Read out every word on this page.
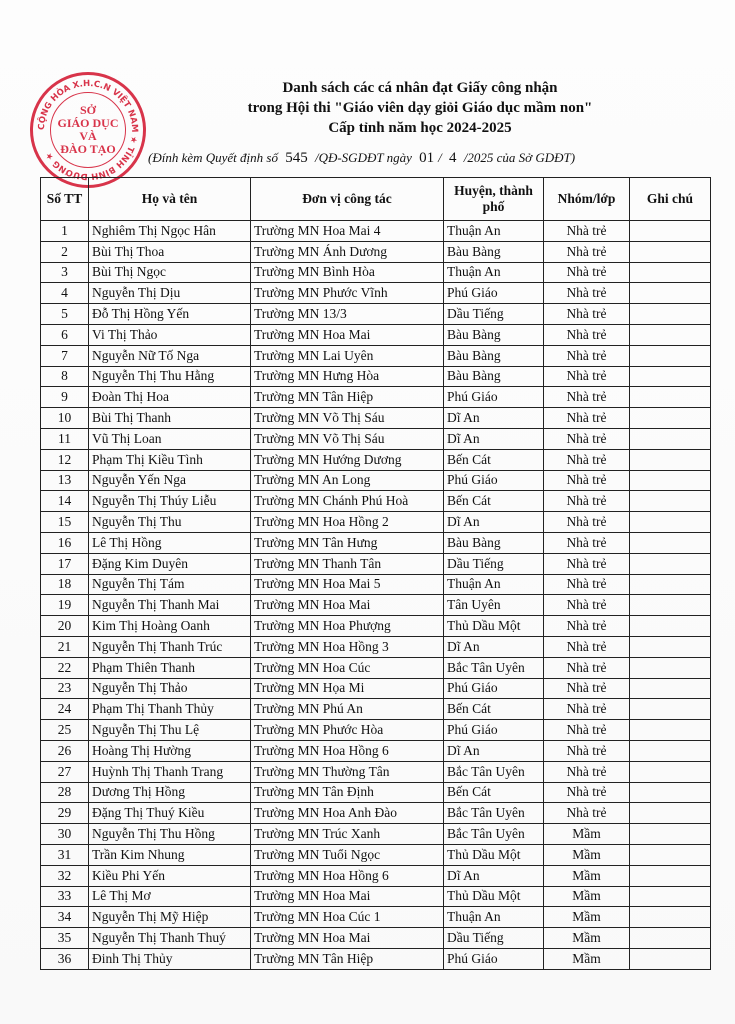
CỘNG HÒA X.H.C.N VIỆT NAM ★ TỈNH BÌNH DƯƠNG ★
SỞ
GIÁO DỤC
VÀ
ĐÀO TẠO
Danh sách các cá nhân đạt Giấy công nhận
trong Hội thi "Giáo viên dạy giỏi Giáo dục mầm non"
Cấp tỉnh năm học 2024-2025
(Đính kèm Quyết định số 545 /QĐ-SGDĐT ngày 01 / 4 /2025 của Sở GDĐT)
Số TT	Họ và tên	Đơn vị công tác	Huyện, thành phố	Nhóm/lớp	Ghi chú
1	Nghiêm Thị Ngọc Hân	Trường MN Hoa Mai 4	Thuận An	Nhà trẻ	
2	Bùi Thị Thoa	Trường MN Ánh Dương	Bàu Bàng	Nhà trẻ	
3	Bùi Thị Ngọc	Trường MN Bình Hòa	Thuận An	Nhà trẻ	
4	Nguyễn Thị Dịu	Trường MN Phước Vĩnh	Phú Giáo	Nhà trẻ	
5	Đỗ Thị Hồng Yến	Trường MN 13/3	Dầu Tiếng	Nhà trẻ	
6	Vi Thị Thảo	Trường MN Hoa Mai	Bàu Bàng	Nhà trẻ	
7	Nguyễn Nữ Tố Nga	Trường MN Lai Uyên	Bàu Bàng	Nhà trẻ	
8	Nguyễn Thị Thu Hằng	Trường MN Hưng Hòa	Bàu Bàng	Nhà trẻ	
9	Đoàn Thị Hoa	Trường MN Tân Hiệp	Phú Giáo	Nhà trẻ	
10	Bùi Thị Thanh	Trường MN Võ Thị Sáu	Dĩ An	Nhà trẻ	
11	Vũ Thị Loan	Trường MN Võ Thị Sáu	Dĩ An	Nhà trẻ	
12	Phạm Thị Kiều Tình	Trường MN Hướng Dương	Bến Cát	Nhà trẻ	
13	Nguyễn Yến Nga	Trường MN An Long	Phú Giáo	Nhà trẻ	
14	Nguyễn Thị Thúy Liễu	Trường MN Chánh Phú Hoà	Bến Cát	Nhà trẻ	
15	Nguyễn Thị Thu	Trường MN Hoa Hồng 2	Dĩ An	Nhà trẻ	
16	Lê Thị Hồng	Trường MN Tân Hưng	Bàu Bàng	Nhà trẻ	
17	Đặng Kim Duyên	Trường MN Thanh Tân	Dầu Tiếng	Nhà trẻ	
18	Nguyễn Thị Tám	Trường MN Hoa Mai 5	Thuận An	Nhà trẻ	
19	Nguyễn Thị Thanh Mai	Trường MN Hoa Mai	Tân Uyên	Nhà trẻ	
20	Kim Thị Hoàng Oanh	Trường MN Hoa Phượng	Thủ Dầu Một	Nhà trẻ	
21	Nguyễn Thị Thanh Trúc	Trường MN Hoa Hồng 3	Dĩ An	Nhà trẻ	
22	Phạm Thiên Thanh	Trường MN Hoa Cúc	Bắc Tân Uyên	Nhà trẻ	
23	Nguyễn Thị Thảo	Trường MN Họa Mi	Phú Giáo	Nhà trẻ	
24	Phạm Thị Thanh Thủy	Trường MN Phú An	Bến Cát	Nhà trẻ	
25	Nguyễn Thị Thu Lệ	Trường MN Phước Hòa	Phú Giáo	Nhà trẻ	
26	Hoàng Thị Hường	Trường MN Hoa Hồng 6	Dĩ An	Nhà trẻ	
27	Huỳnh Thị Thanh Trang	Trường MN Thường Tân	Bắc Tân Uyên	Nhà trẻ	
28	Dương Thị Hồng	Trường MN Tân Định	Bến Cát	Nhà trẻ	
29	Đặng Thị Thuý Kiều	Trường MN Hoa Anh Đào	Bắc Tân Uyên	Nhà trẻ	
30	Nguyễn Thị Thu Hồng	Trường MN Trúc Xanh	Bắc Tân Uyên	Mầm	
31	Trần Kim Nhung	Trường MN Tuổi Ngọc	Thủ Dầu Một	Mầm	
32	Kiều Phi Yến	Trường MN Hoa Hồng 6	Dĩ An	Mầm	
33	Lê Thị Mơ	Trường MN Hoa Mai	Thủ Dầu Một	Mầm	
34	Nguyễn Thị Mỹ Hiệp	Trường MN Hoa Cúc 1	Thuận An	Mầm	
35	Nguyễn Thị Thanh Thuý	Trường MN Hoa Mai	Dầu Tiếng	Mầm	
36	Đinh Thị Thủy	Trường MN Tân Hiệp	Phú Giáo	Mầm	
